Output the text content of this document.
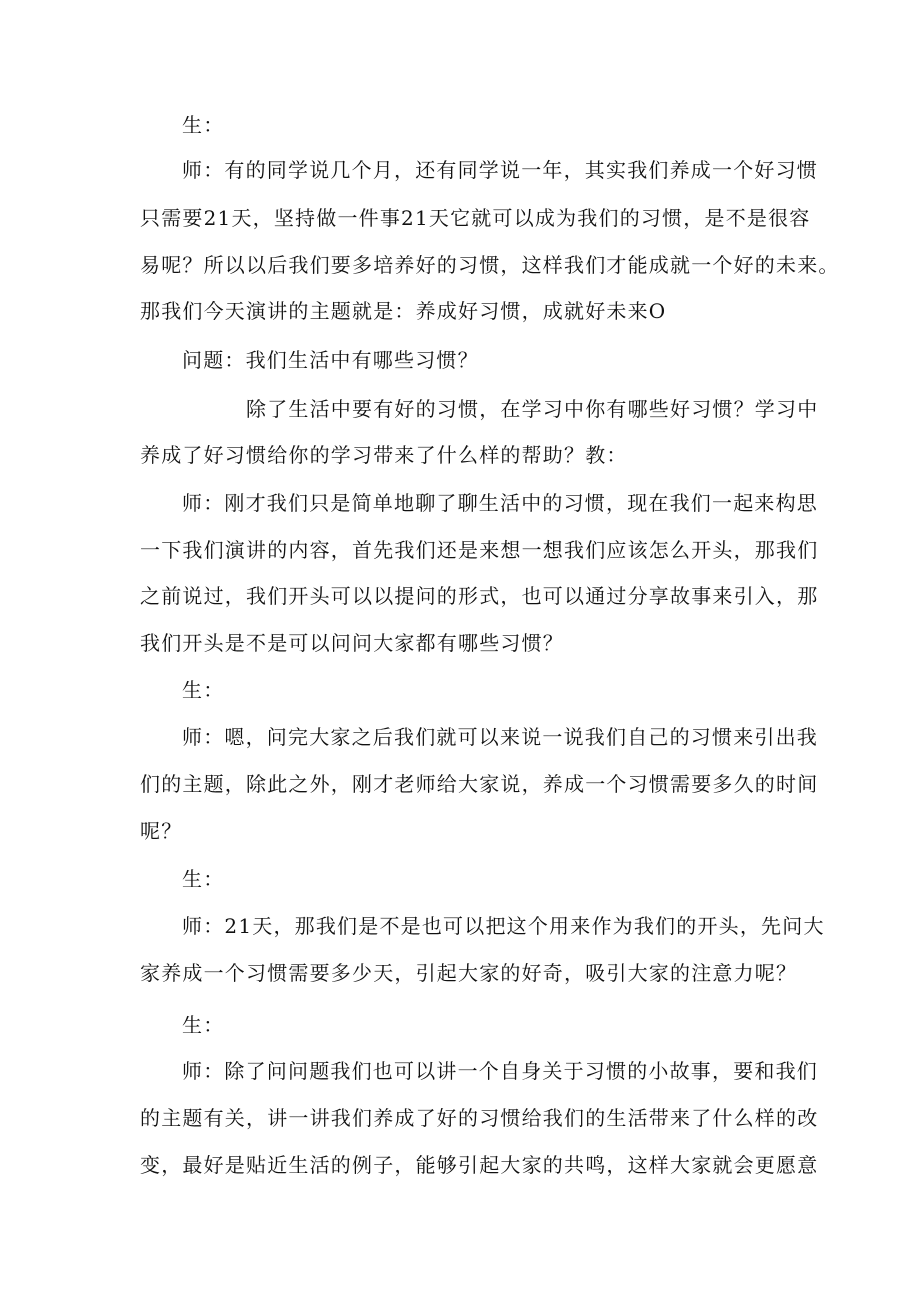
生：
师：有的同学说几个月，还有同学说一年，其实我们养成一个好习惯
只需要21天，坚持做一件事21天它就可以成为我们的习惯，是不是很容
易呢？所以以后我们要多培养好的习惯，这样我们才能成就一个好的未来。
那我们今天演讲的主题就是：养成好习惯，成就好未来O
问题：我们生活中有哪些习惯？
除了生活中要有好的习惯，在学习中你有哪些好习惯？学习中
养成了好习惯给你的学习带来了什么样的帮助？教：
师：刚才我们只是简单地聊了聊生活中的习惯，现在我们一起来构思
一下我们演讲的内容，首先我们还是来想一想我们应该怎么开头，那我们
之前说过，我们开头可以以提问的形式，也可以通过分享故事来引入，那
我们开头是不是可以问问大家都有哪些习惯？
生：
师：嗯，问完大家之后我们就可以来说一说我们自己的习惯来引出我
们的主题，除此之外，刚才老师给大家说，养成一个习惯需要多久的时间
呢？
生：
师：21天，那我们是不是也可以把这个用来作为我们的开头，先问大
家养成一个习惯需要多少天，引起大家的好奇，吸引大家的注意力呢？
生：
师：除了问问题我们也可以讲一个自身关于习惯的小故事，要和我们
的主题有关，讲一讲我们养成了好的习惯给我们的生活带来了什么样的改
变，最好是贴近生活的例子，能够引起大家的共鸣，这样大家就会更愿意
